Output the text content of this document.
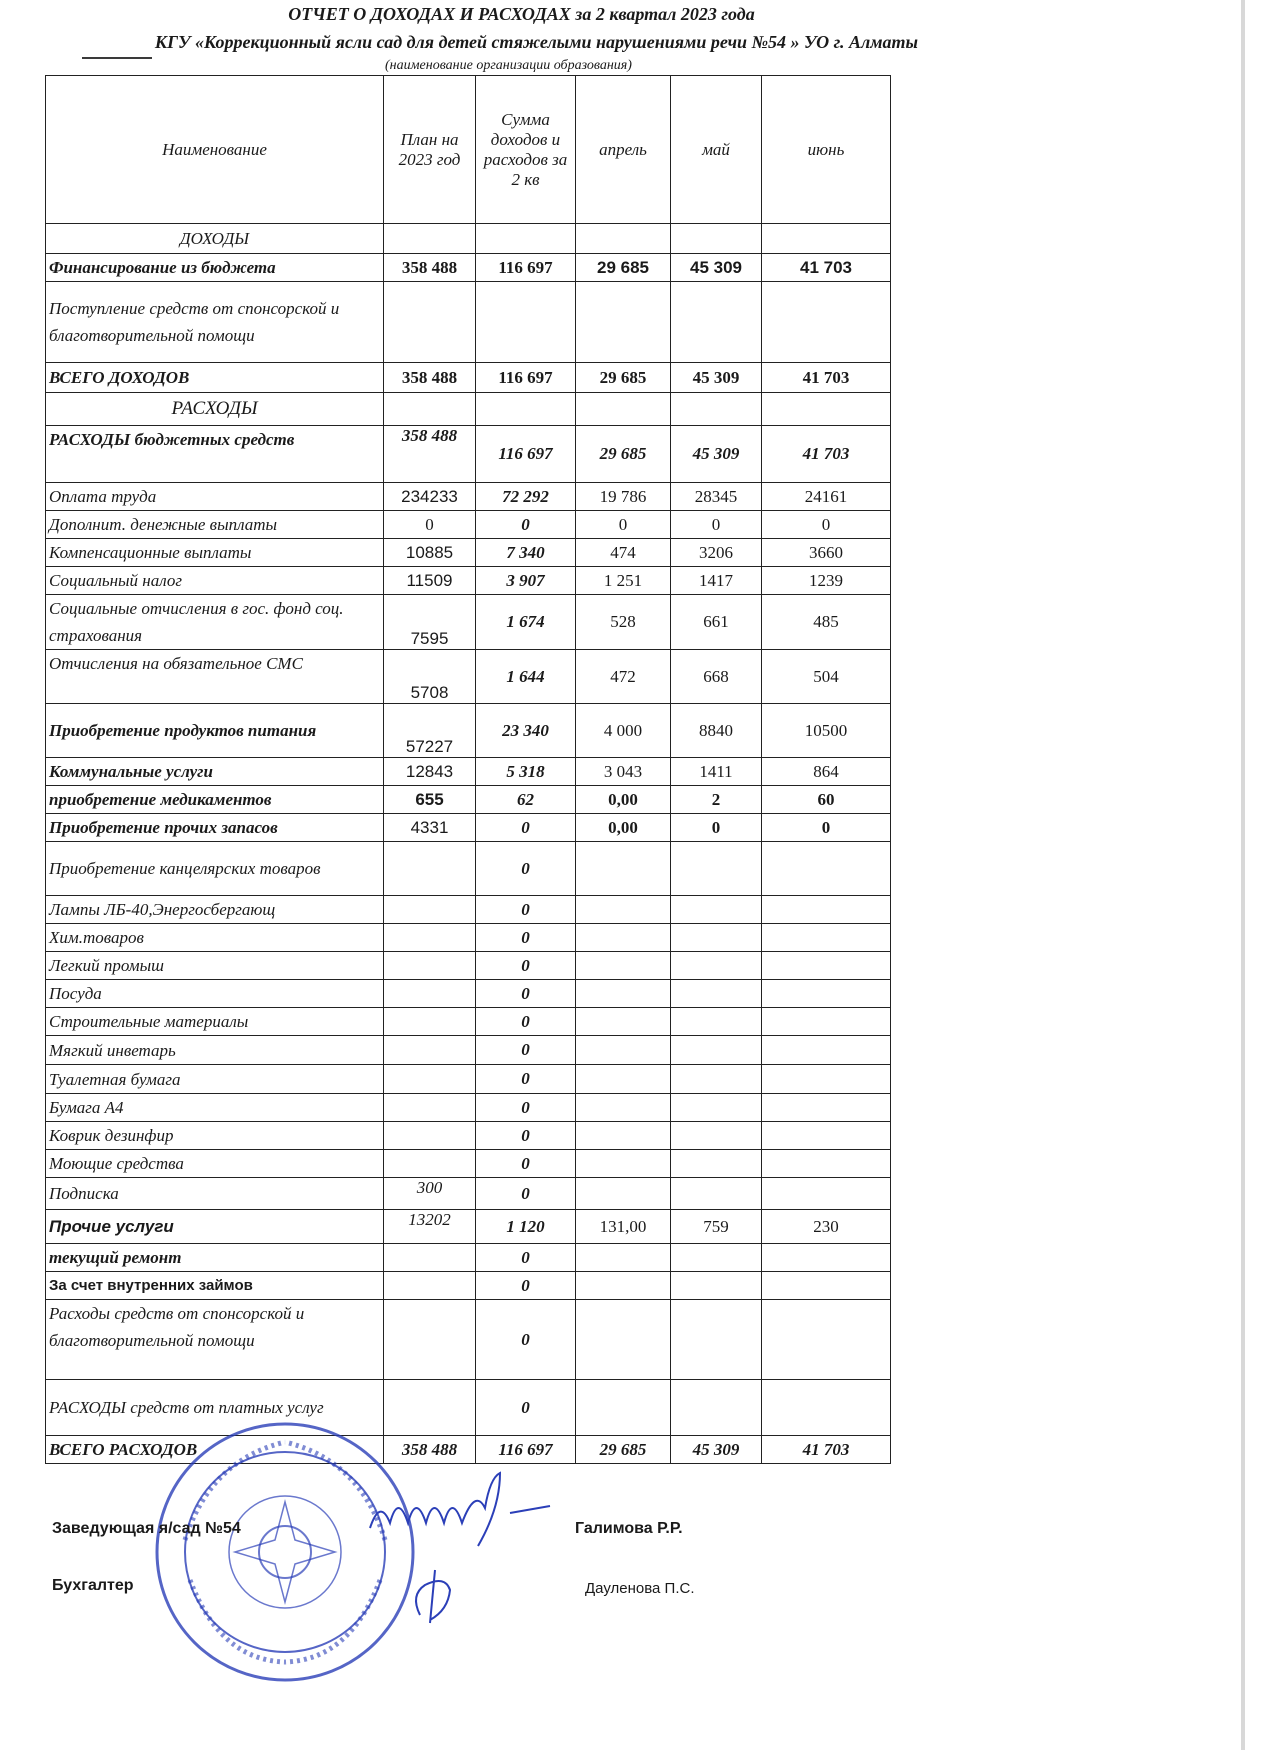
ОТЧЕТ О ДОХОДАХ И РАСХОДАХ за 2 квартал 2023 года
КГУ «Коррекционный ясли сад для детей стяжелыми нарушениями речи №54 » УО г. Алматы
(наименование организации образования)
Наименование	План на 2023 год	Сумма доходов и расходов за 2 кв	апрель	май	июнь
ДОХОДЫ					
Финансирование из бюджета	358 488	116 697	29 685	45 309	41 703
Поступление средств от спонсорской и благотворительной помощи					
ВСЕГО ДОХОДОВ	358 488	116 697	29 685	45 309	41 703
РАСХОДЫ					
РАСХОДЫ бюджетных средств	358 488	116 697	29 685	45 309	41 703
Оплата труда	234233	72 292	19 786	28345	24161
Дополнит. денежные выплаты	0	0	0	0	0
Компенсационные выплаты	10885	7 340	474	3206	3660
Социальный налог	11509	3 907	1 251	1417	1239
Социальные отчисления в гос. фонд соц. страхования	7595	1 674	528	661	485
Отчисления на обязательное СМС	5708	1 644	472	668	504
Приобретение продуктов питания	57227	23 340	4 000	8840	10500
Коммунальные услуги	12843	5 318	3 043	1411	864
приобретение медикаментов	655	62	0,00	2	60
Приобретение прочих запасов	4331	0	0,00	0	0
Приобретение канцелярских товаров		0			
Лампы ЛБ-40,Энергосбергающ		0			
Хим.товаров		0			
Легкий промыш		0			
Посуда		0			
Строительные материалы		0			
Мягкий инветарь		0			
Туалетная бумага		0			
Бумага А4		0			
Коврик дезинфир		0			
Моющие средства		0			
Подписка	300	0			
Прочие услуги	13202	1 120	131,00	759	230
текущий ремонт		0			
За счет внутренних займов		0			
Расходы средств от спонсорской и благотворительной помощи		0			
РАСХОДЫ средств от платных услуг		0			
ВСЕГО РАСХОДОВ	358 488	116 697	29 685	45 309	41 703
Заведующая я/сад №54	Галимова Р.Р.
Бухгалтер	Дауленова П.С.
